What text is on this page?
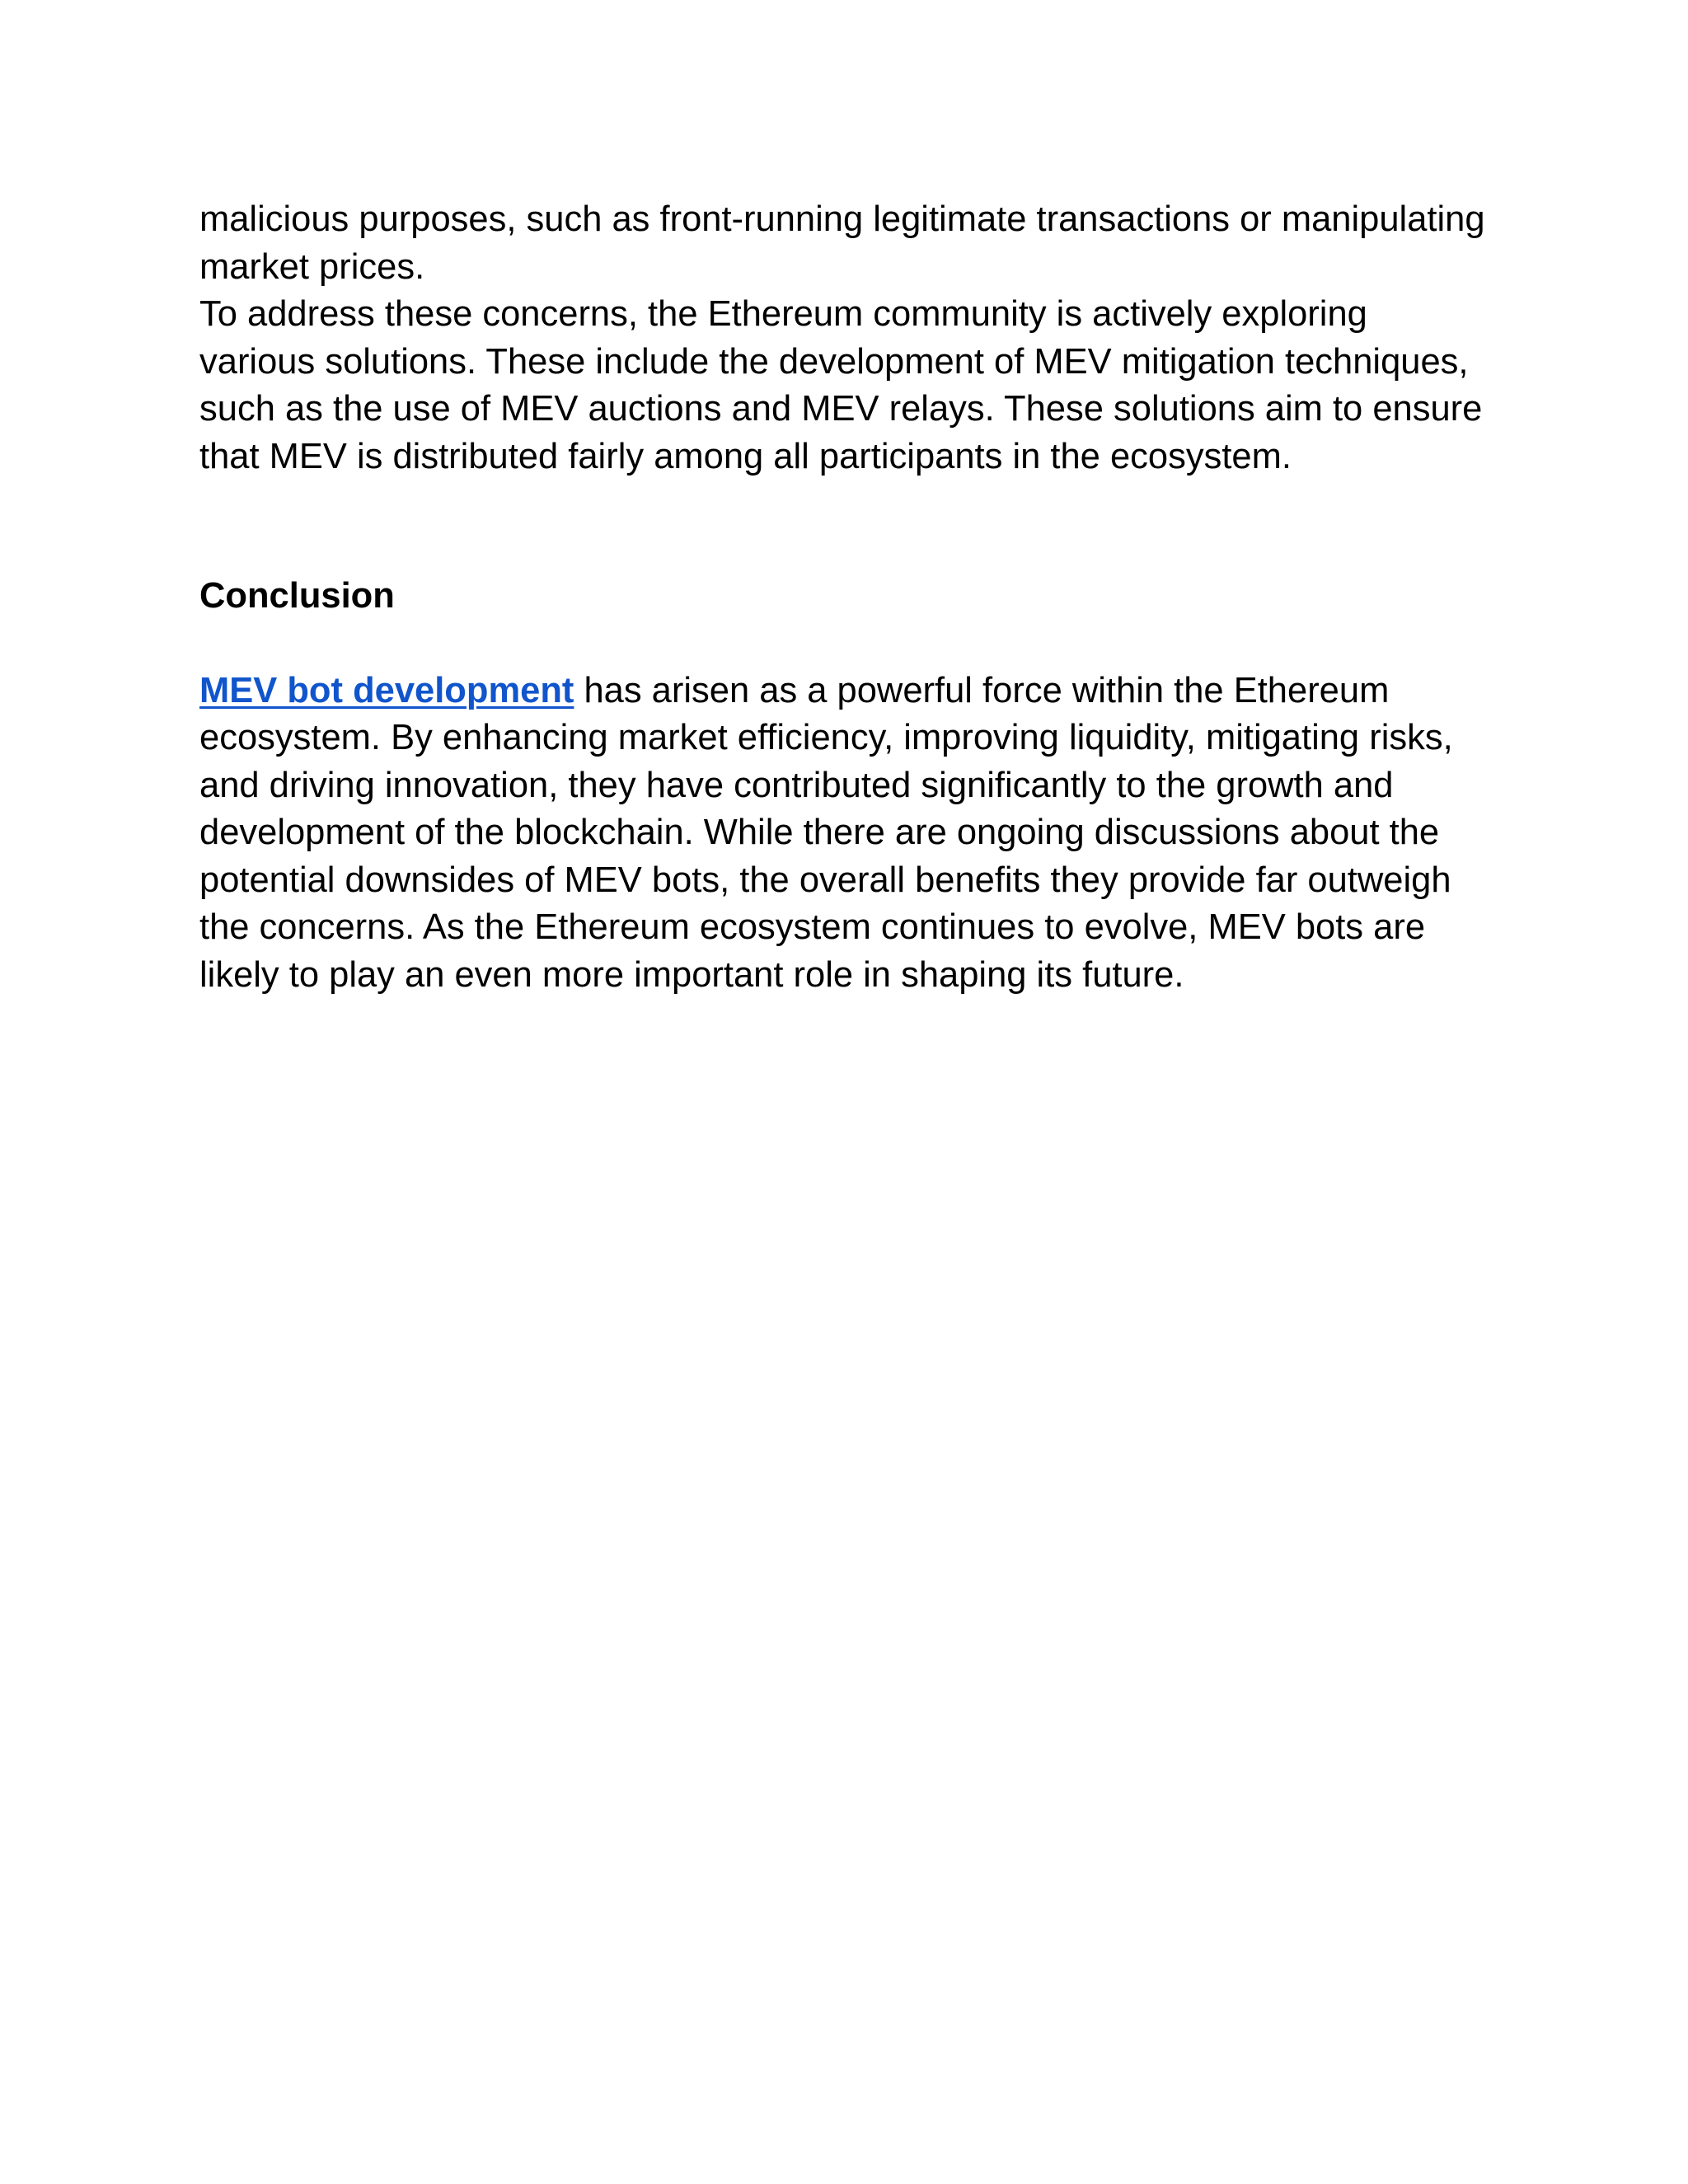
malicious purposes, such as front-running legitimate transactions or manipulating
market prices.

To address these concerns, the Ethereum community is actively exploring
various solutions. These include the development of MEV mitigation techniques,
such as the use of MEV auctions and MEV relays. These solutions aim to ensure
that MEV is distributed fairly among all participants in the ecosystem.

Conclusion

MEV bot development has arisen as a powerful force within the Ethereum
ecosystem. By enhancing market efficiency, improving liquidity, mitigating risks,
and driving innovation, they have contributed significantly to the growth and
development of the blockchain. While there are ongoing discussions about the
potential downsides of MEV bots, the overall benefits they provide far outweigh
the concerns. As the Ethereum ecosystem continues to evolve, MEV bots are
likely to play an even more important role in shaping its future.
